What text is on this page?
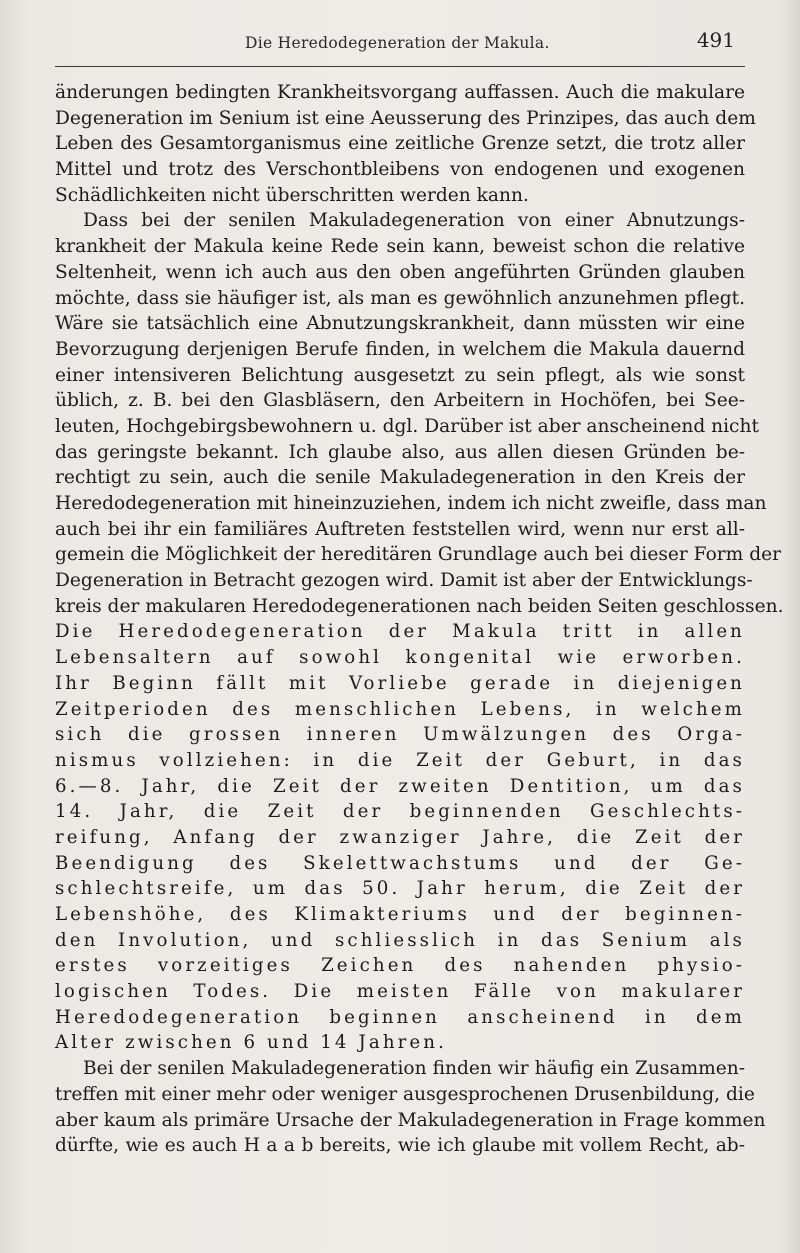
Die Heredodegeneration der Makula.	491
änderungen bedingten Krankheitsvorgang auffassen. Auch die makulare
Degeneration im Senium ist eine Aeusserung des Prinzipes, das auch dem
Leben des Gesamtorganismus eine zeitliche Grenze setzt, die trotz aller
Mittel und trotz des Verschontbleibens von endogenen und exogenen
Schädlichkeiten nicht überschritten werden kann.
Dass bei der senilen Makuladegeneration von einer Abnutzungs-
krankheit der Makula keine Rede sein kann, beweist schon die relative
Seltenheit, wenn ich auch aus den oben angeführten Gründen glauben
möchte, dass sie häufiger ist, als man es gewöhnlich anzunehmen pflegt.
Wäre sie tatsächlich eine Abnutzungskrankheit, dann müssten wir eine
Bevorzugung derjenigen Berufe finden, in welchem die Makula dauernd
einer intensiveren Belichtung ausgesetzt zu sein pflegt, als wie sonst
üblich, z. B. bei den Glasbläsern, den Arbeitern in Hochöfen, bei See-
leuten, Hochgebirgsbewohnern u. dgl. Darüber ist aber anscheinend nicht
das geringste bekannt. Ich glaube also, aus allen diesen Gründen be-
rechtigt zu sein, auch die senile Makuladegeneration in den Kreis der
Heredodegeneration mit hineinzuziehen, indem ich nicht zweifle, dass man
auch bei ihr ein familiäres Auftreten feststellen wird, wenn nur erst all-
gemein die Möglichkeit der hereditären Grundlage auch bei dieser Form der
Degeneration in Betracht gezogen wird. Damit ist aber der Entwicklungs-
kreis der makularen Heredodegenerationen nach beiden Seiten geschlossen.
Die Heredodegeneration der Makula tritt in allen
Lebensaltern auf sowohl kongenital wie erworben.
Ihr Beginn fällt mit Vorliebe gerade in diejenigen
Zeitperioden des menschlichen Lebens, in welchem
sich die grossen inneren Umwälzungen des Orga-
nismus vollziehen: in die Zeit der Geburt, in das
6.—8. Jahr, die Zeit der zweiten Dentition, um das
14. Jahr, die Zeit der beginnenden Geschlechts-
reifung, Anfang der zwanziger Jahre, die Zeit der
Beendigung des Skelettwachstums und der Ge-
schlechtsreife, um das 50. Jahr herum, die Zeit der
Lebenshöhe, des Klimakteriums und der beginnen-
den Involution, und schliesslich in das Senium als
erstes vorzeitiges Zeichen des nahenden physio-
logischen Todes. Die meisten Fälle von makularer
Heredodegeneration beginnen anscheinend in dem
Alter zwischen 6 und 14 Jahren.
Bei der senilen Makuladegeneration finden wir häufig ein Zusammen-
treffen mit einer mehr oder weniger ausgesprochenen Drusenbildung, die
aber kaum als primäre Ursache der Makuladegeneration in Frage kommen
dürfte, wie es auch H a a b bereits, wie ich glaube mit vollem Recht, ab-
